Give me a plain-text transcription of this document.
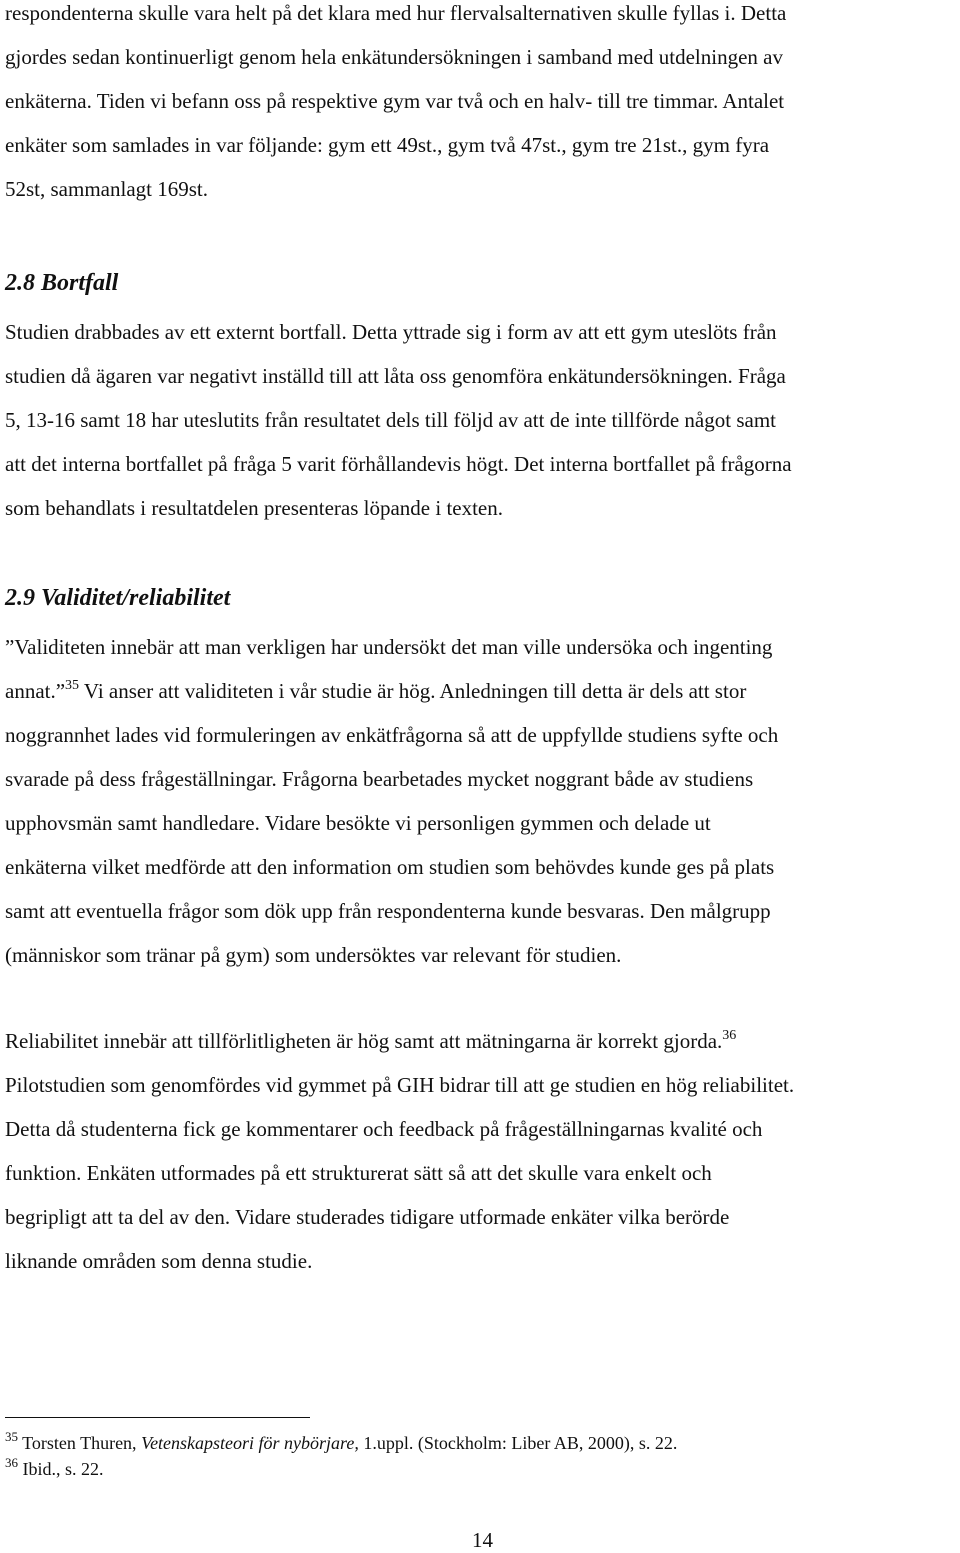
respondenterna skulle vara helt på det klara med hur flervalsalternativen skulle fyllas i. Detta
gjordes sedan kontinuerligt genom hela enkätundersökningen i samband med utdelningen av
enkäterna. Tiden vi befann oss på respektive gym var två och en halv- till tre timmar. Antalet
enkäter som samlades in var följande: gym ett 49st., gym två 47st., gym tre 21st., gym fyra
52st, sammanlagt 169st.
2.8 Bortfall
Studien drabbades av ett externt bortfall. Detta yttrade sig i form av att ett gym uteslöts från
studien då ägaren var negativt inställd till att låta oss genomföra enkätundersökningen. Fråga
5, 13-16 samt 18 har uteslutits från resultatet dels till följd av att de inte tillförde något samt
att det interna bortfallet på fråga 5 varit förhållandevis högt. Det interna bortfallet på frågorna
som behandlats i resultatdelen presenteras löpande i texten.
2.9 Validitet/reliabilitet
”Validiteten innebär att man verkligen har undersökt det man ville undersöka och ingenting
annat.”$^{35}$ Vi anser att validiteten i vår studie är hög. Anledningen till detta är dels att stor
noggrannhet lades vid formuleringen av enkätfrågorna så att de uppfyllde studiens syfte och
svarade på dess frågeställningar. Frågorna bearbetades mycket noggrant både av studiens
upphovsmän samt handledare. Vidare besökte vi personligen gymmen och delade ut
enkäterna vilket medförde att den information om studien som behövdes kunde ges på plats
samt att eventuella frågor som dök upp från respondenterna kunde besvaras. Den målgrupp
(människor som tränar på gym) som undersöktes var relevant för studien.
Reliabilitet innebär att tillförlitligheten är hög samt att mätningarna är korrekt gjorda.$^{36}$
Pilotstudien som genomfördes vid gymmet på GIH bidrar till att ge studien en hög reliabilitet.
Detta då studenterna fick ge kommentarer och feedback på frågeställningarnas kvalité och
funktion. Enkäten utformades på ett strukturerat sätt så att det skulle vara enkelt och
begripligt att ta del av den. Vidare studerades tidigare utformade enkäter vilka berörde
liknande områden som denna studie.
$^{35}$ Torsten Thuren, Vetenskapsteori för nybörjare, 1.uppl. (Stockholm: Liber AB, 2000), s. 22.
$^{36}$ Ibid., s. 22.
14
